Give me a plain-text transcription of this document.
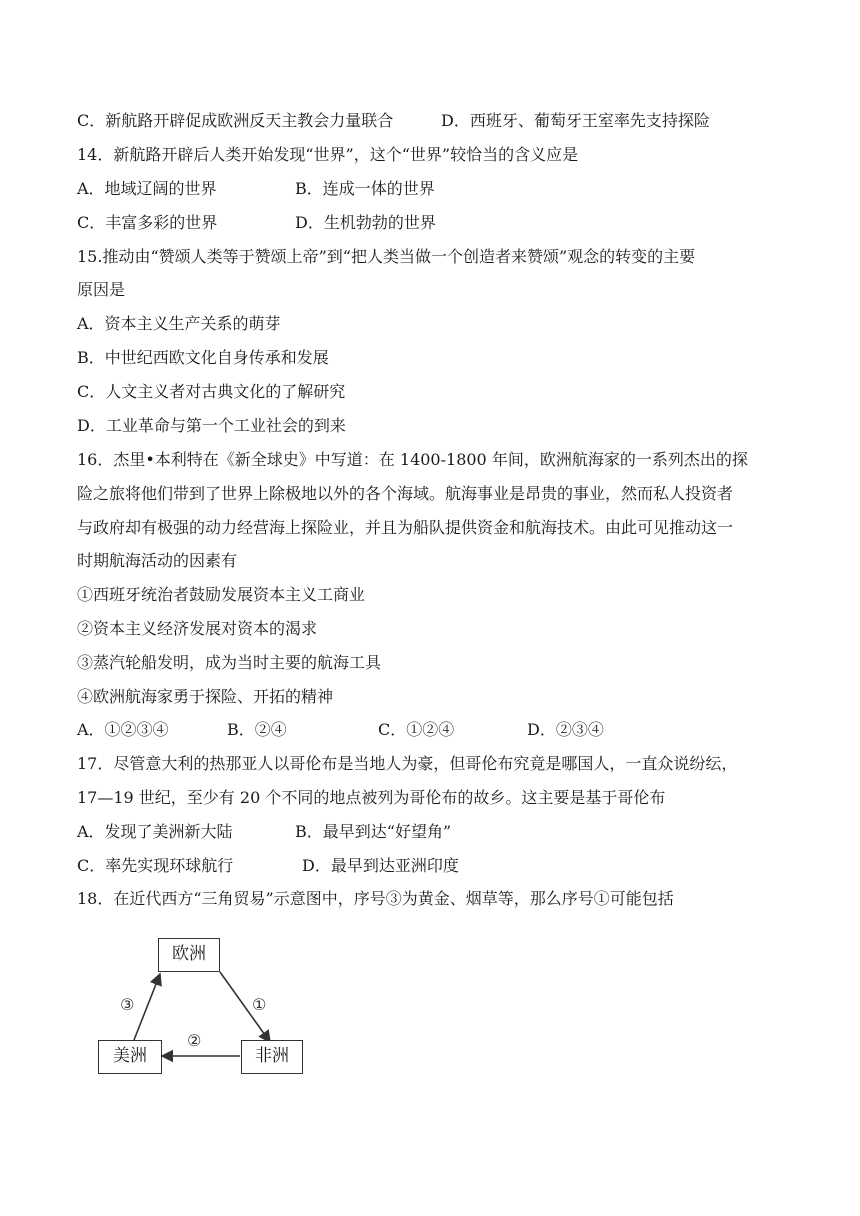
C．新航路开辟促成欧洲反天主教会力量联合	D．西班牙、葡萄牙王室率先支持探险
14．新航路开辟后人类开始发现“世界”，这个“世界”较恰当的含义应是
A．地域辽阔的世界	B．连成一体的世界
C．丰富多彩的世界	D．生机勃勃的世界
15.推动由“赞颂人类等于赞颂上帝”到“把人类当做一个创造者来赞颂”观念的转变的主要
原因是
A．资本主义生产关系的萌芽
B．中世纪西欧文化自身传承和发展
C．人文主义者对古典文化的了解研究
D．工业革命与第一个工业社会的到来
16．杰里•本利特在《新全球史》中写道：在 1400-1800 年间，欧洲航海家的一系列杰出的探
险之旅将他们带到了世界上除极地以外的各个海域。航海事业是昂贵的事业，然而私人投资者
与政府却有极强的动力经营海上探险业，并且为船队提供资金和航海技术。由此可见推动这一
时期航海活动的因素有
①西班牙统治者鼓励发展资本主义工商业
②资本主义经济发展对资本的渴求
③蒸汽轮船发明，成为当时主要的航海工具
④欧洲航海家勇于探险、开拓的精神
A．①②③④	B．②④	C．①②④	D．②③④
17．尽管意大利的热那亚人以哥伦布是当地人为豪，但哥伦布究竟是哪国人，一直众说纷纭，
17—19 世纪，至少有 20 个不同的地点被列为哥伦布的故乡。这主要是基于哥伦布
A．发现了美洲新大陆	B．最早到达“好望角”
C．率先实现环球航行	D．最早到达亚洲印度
18．在近代西方“三角贸易”示意图中，序号③为黄金、烟草等，那么序号①可能包括
欧洲
美洲	非洲
①
②
③
